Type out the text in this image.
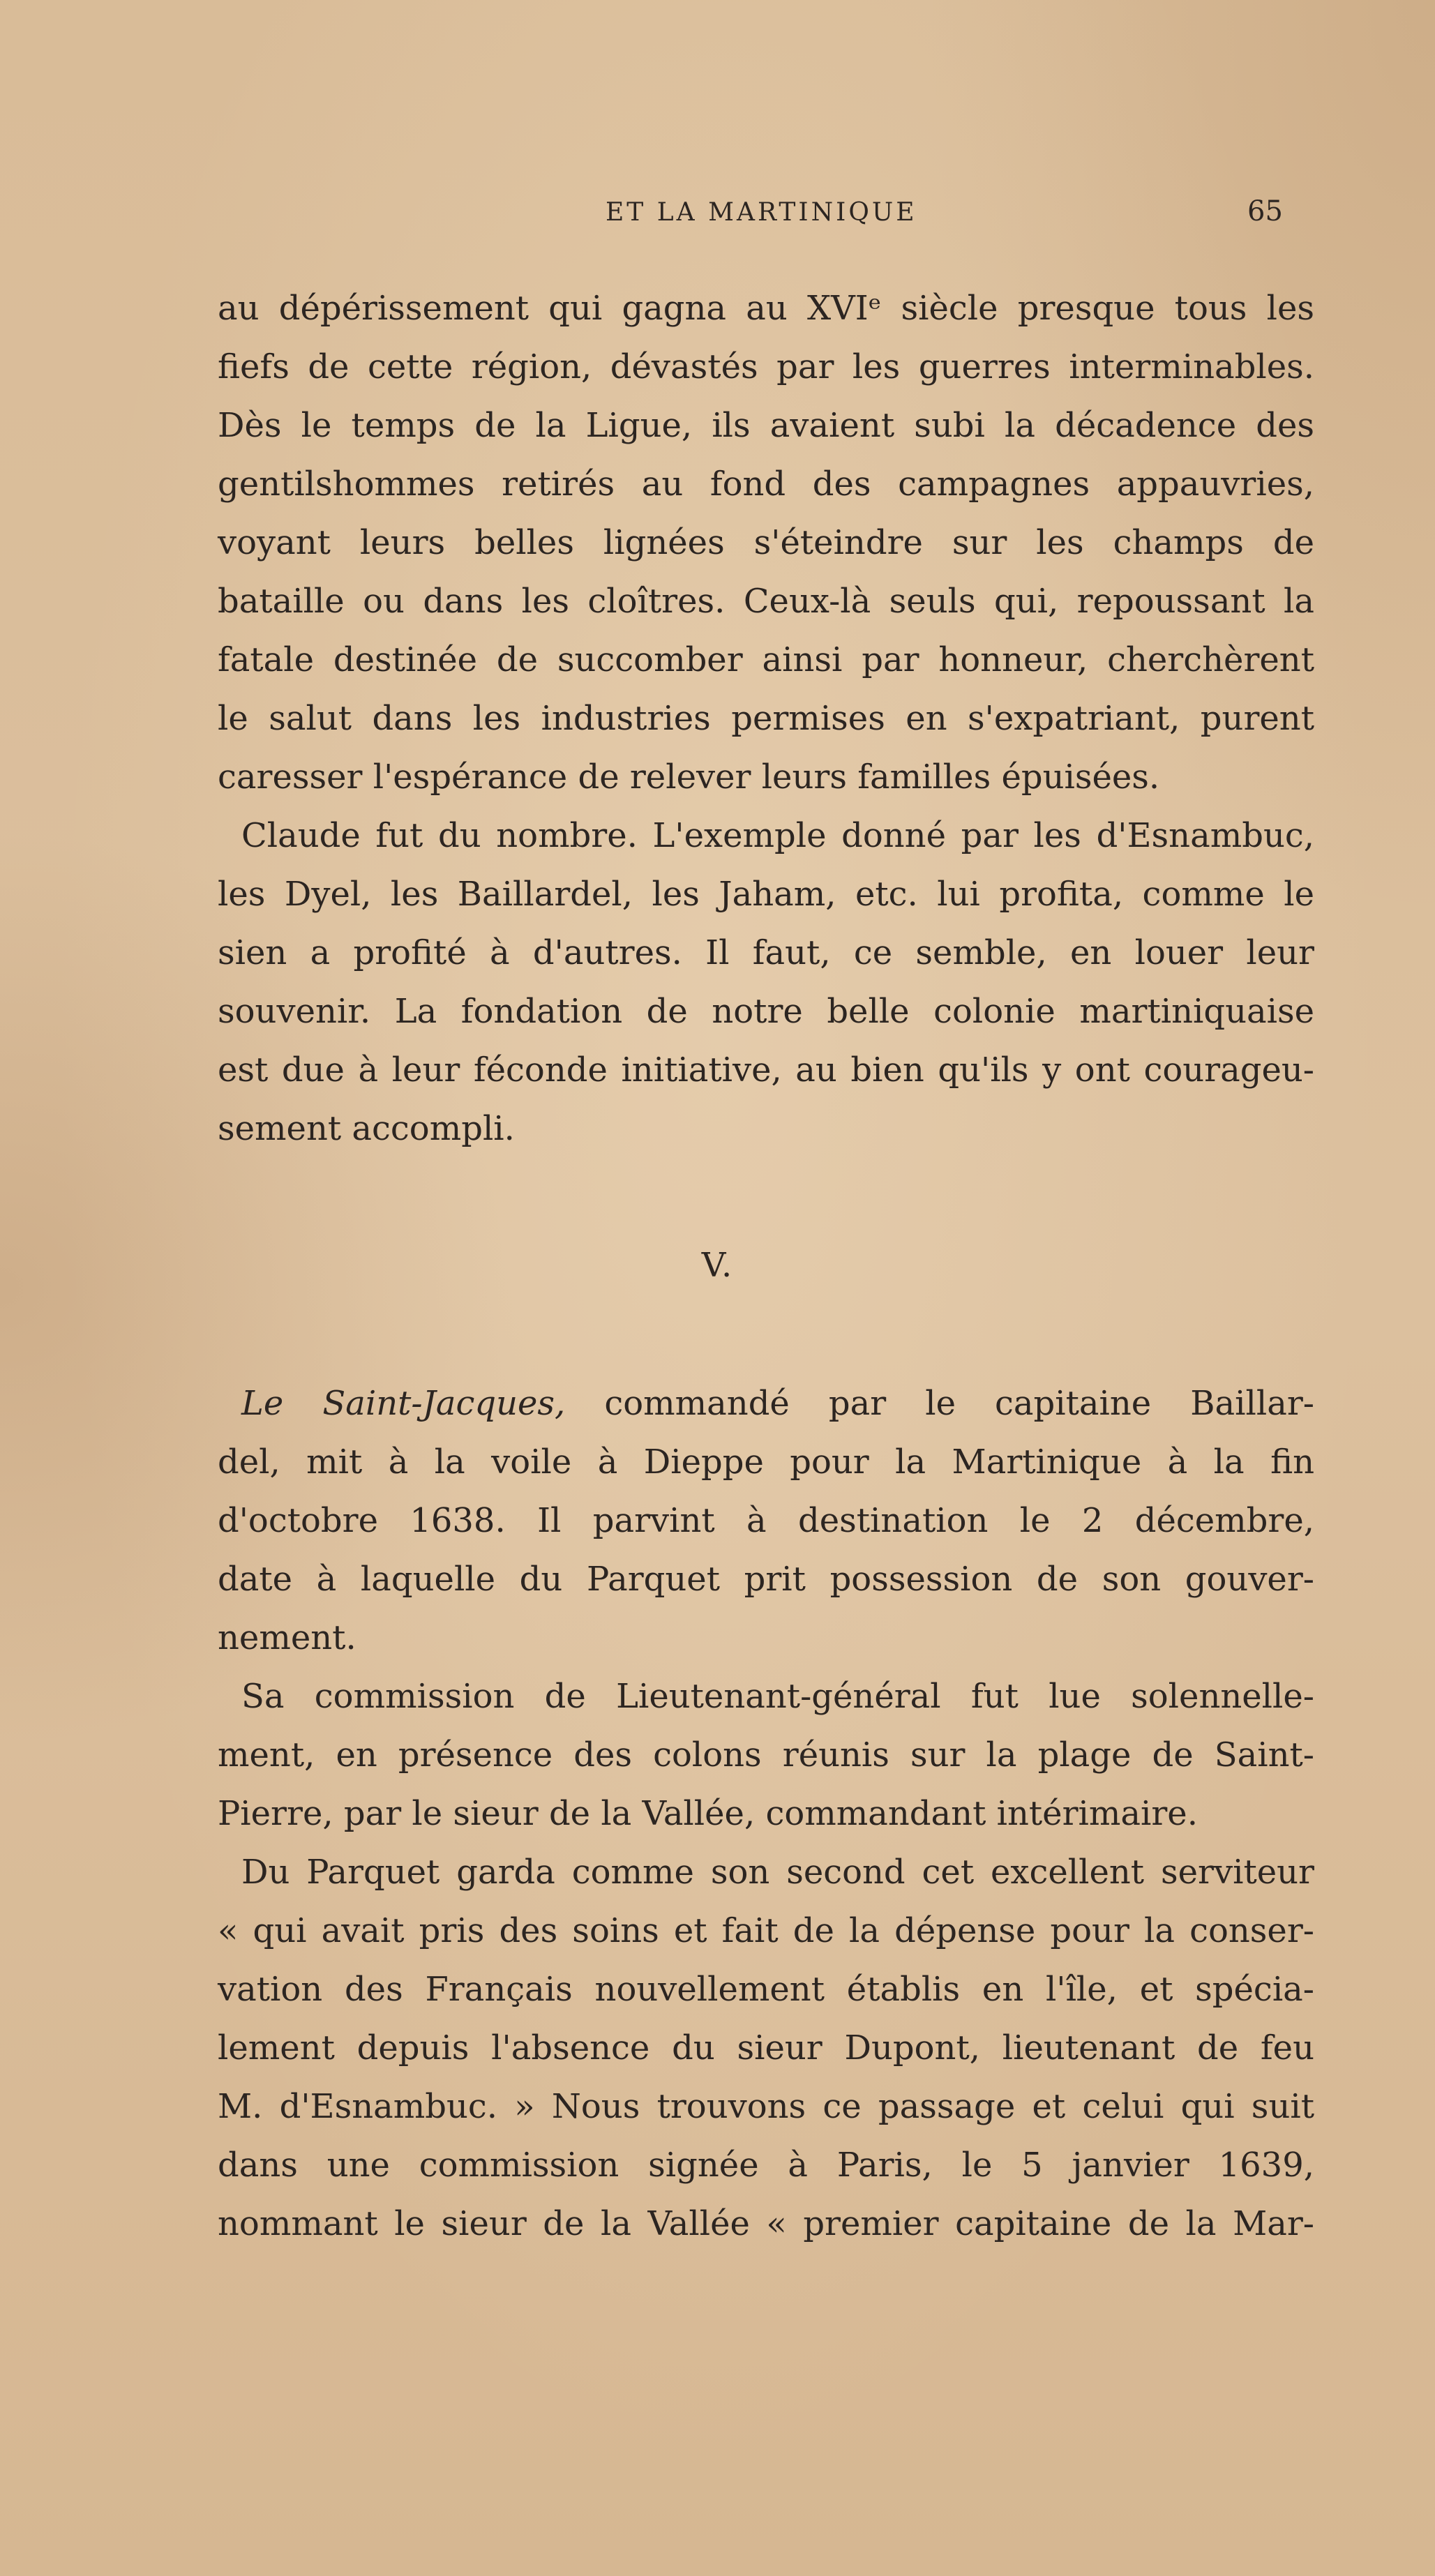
ET LA MARTINIQUE	65
au dépérissement qui gagna au XVIᵉ siècle presque tous les
fiefs de cette région, dévastés par les guerres interminables.
Dès le temps de la Ligue, ils avaient subi la décadence des
gentilshommes retirés au fond des campagnes appauvries,
voyant leurs belles lignées s'éteindre sur les champs de
bataille ou dans les cloîtres. Ceux-là seuls qui, repoussant la
fatale destinée de succomber ainsi par honneur, cherchèrent
le salut dans les industries permises en s'expatriant, purent
caresser l'espérance de relever leurs familles épuisées.
Claude fut du nombre. L'exemple donné par les d'Esnambuc,
les Dyel, les Baillardel, les Jaham, etc. lui profita, comme le
sien a profité à d'autres. Il faut, ce semble, en louer leur
souvenir. La fondation de notre belle colonie martiniquaise
est due à leur féconde initiative, au bien qu'ils y ont courageu-
sement accompli.
V.
Le Saint-Jacques, commandé par le capitaine Baillar-
del, mit à la voile à Dieppe pour la Martinique à la fin
d'octobre 1638. Il parvint à destination le 2 décembre,
date à laquelle du Parquet prit possession de son gouver-
nement.
Sa commission de Lieutenant-général fut lue solennelle-
ment, en présence des colons réunis sur la plage de Saint-
Pierre, par le sieur de la Vallée, commandant intérimaire.
Du Parquet garda comme son second cet excellent serviteur
« qui avait pris des soins et fait de la dépense pour la conser-
vation des Français nouvellement établis en l'île, et spécia-
lement depuis l'absence du sieur Dupont, lieutenant de feu
M. d'Esnambuc. » Nous trouvons ce passage et celui qui suit
dans une commission signée à Paris, le 5 janvier 1639,
nommant le sieur de la Vallée « premier capitaine de la Mar-
